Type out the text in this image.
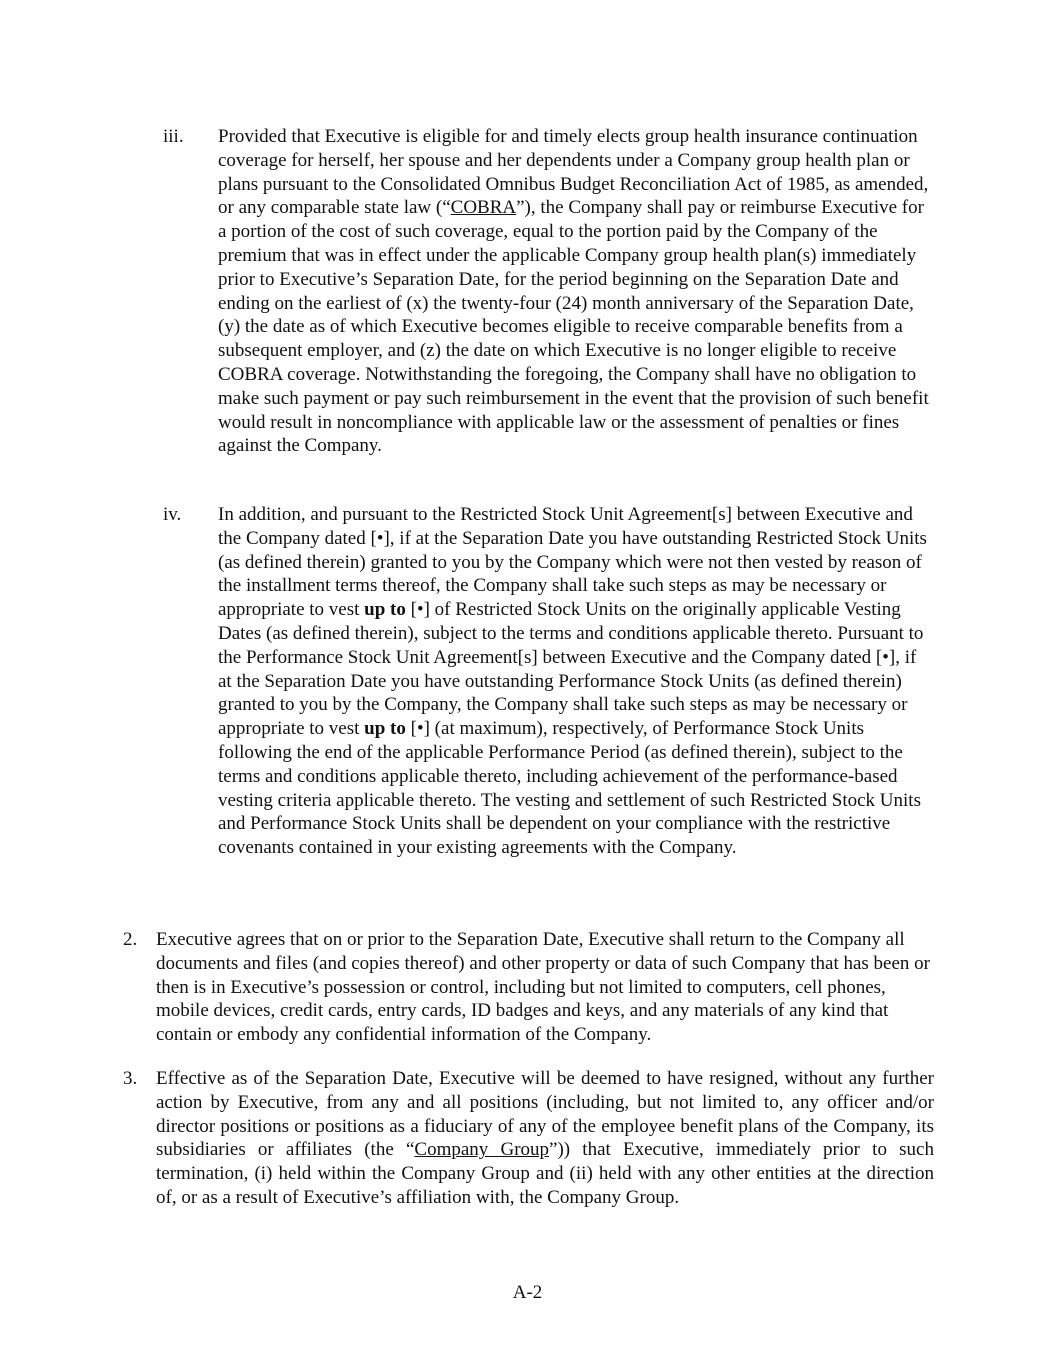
iii. Provided that Executive is eligible for and timely elects group health insurance continuation coverage for herself, her spouse and her dependents under a Company group health plan or plans pursuant to the Consolidated Omnibus Budget Reconciliation Act of 1985, as amended, or any comparable state law (“COBRA”), the Company shall pay or reimburse Executive for a portion of the cost of such coverage, equal to the portion paid by the Company of the premium that was in effect under the applicable Company group health plan(s) immediately prior to Executive’s Separation Date, for the period beginning on the Separation Date and ending on the earliest of (x) the twenty-four (24) month anniversary of the Separation Date, (y) the date as of which Executive becomes eligible to receive comparable benefits from a subsequent employer, and (z) the date on which Executive is no longer eligible to receive COBRA coverage. Notwithstanding the foregoing, the Company shall have no obligation to make such payment or pay such reimbursement in the event that the provision of such benefit would result in noncompliance with applicable law or the assessment of penalties or fines against the Company.
iv. In addition, and pursuant to the Restricted Stock Unit Agreement[s] between Executive and the Company dated [•], if at the Separation Date you have outstanding Restricted Stock Units (as defined therein) granted to you by the Company which were not then vested by reason of the installment terms thereof, the Company shall take such steps as may be necessary or appropriate to vest up to [•] of Restricted Stock Units on the originally applicable Vesting Dates (as defined therein), subject to the terms and conditions applicable thereto. Pursuant to the Performance Stock Unit Agreement[s] between Executive and the Company dated [•], if at the Separation Date you have outstanding Performance Stock Units (as defined therein) granted to you by the Company, the Company shall take such steps as may be necessary or appropriate to vest up to [•] (at maximum), respectively, of Performance Stock Units following the end of the applicable Performance Period (as defined therein), subject to the terms and conditions applicable thereto, including achievement of the performance-based vesting criteria applicable thereto. The vesting and settlement of such Restricted Stock Units and Performance Stock Units shall be dependent on your compliance with the restrictive covenants contained in your existing agreements with the Company.
2. Executive agrees that on or prior to the Separation Date, Executive shall return to the Company all documents and files (and copies thereof) and other property or data of such Company that has been or then is in Executive’s possession or control, including but not limited to computers, cell phones, mobile devices, credit cards, entry cards, ID badges and keys, and any materials of any kind that contain or embody any confidential information of the Company.
3. Effective as of the Separation Date, Executive will be deemed to have resigned, without any further action by Executive, from any and all positions (including, but not limited to, any officer and/or director positions or positions as a fiduciary of any of the employee benefit plans of the Company, its subsidiaries or affiliates (the “Company Group”)) that Executive, immediately prior to such termination, (i) held within the Company Group and (ii) held with any other entities at the direction of, or as a result of Executive’s affiliation with, the Company Group.
A-2
